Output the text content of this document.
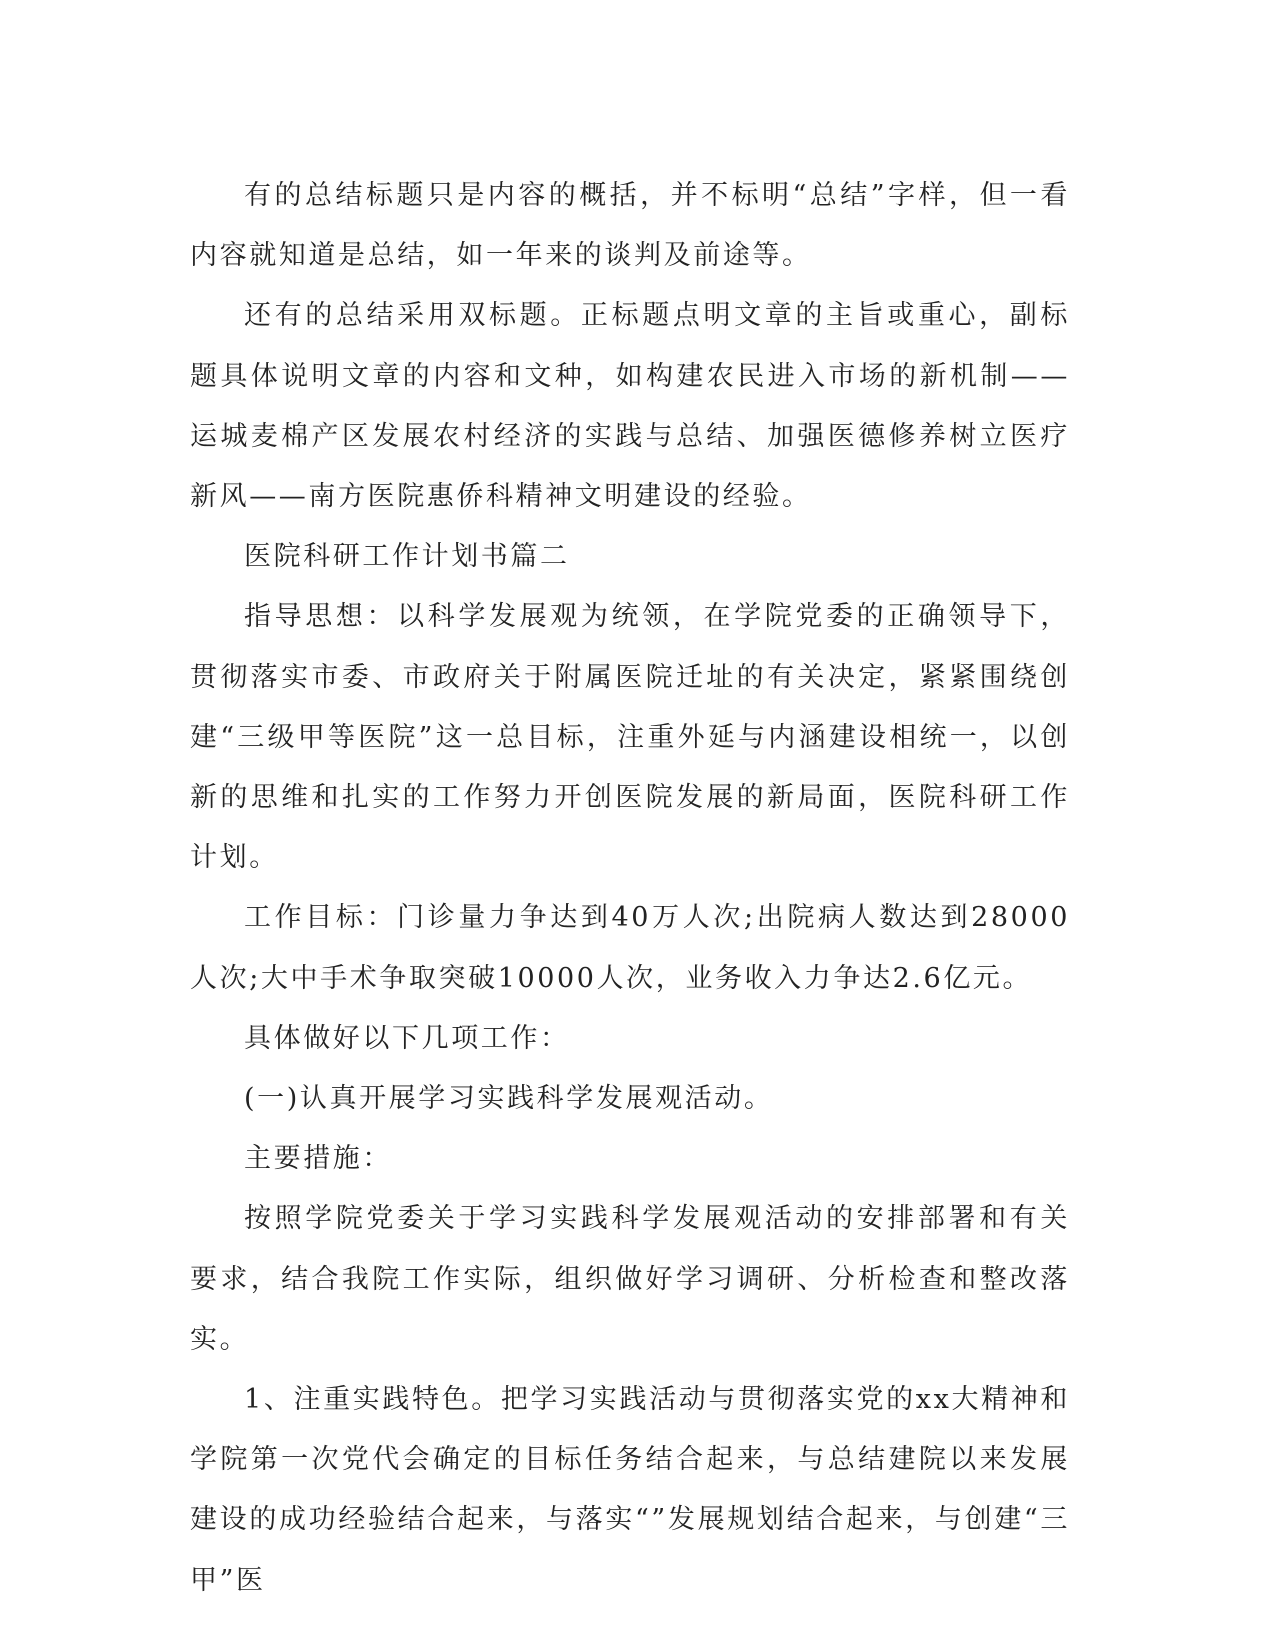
有的总结标题只是内容的概括，并不标明“总结”字样，但一看内容就知道是总结，如一年来的谈判及前途等。

还有的总结采用双标题。正标题点明文章的主旨或重心，副标题具体说明文章的内容和文种，如构建农民进入市场的新机制——运城麦棉产区发展农村经济的实践与总结、加强医德修养树立医疗新风——南方医院惠侨科精神文明建设的经验。

医院科研工作计划书篇二

指导思想：以科学发展观为统领，在学院党委的正确领导下，贯彻落实市委、市政府关于附属医院迁址的有关决定，紧紧围绕创建“三级甲等医院”这一总目标，注重外延与内涵建设相统一，以创新的思维和扎实的工作努力开创医院发展的新局面，医院科研工作计划。

工作目标：门诊量力争达到40万人次;出院病人数达到28000人次;大中手术争取突破10000人次，业务收入力争达2.6亿元。

具体做好以下几项工作：

(一)认真开展学习实践科学发展观活动。

主要措施：

按照学院党委关于学习实践科学发展观活动的安排部署和有关要求，结合我院工作实际，组织做好学习调研、分析检查和整改落实。

1、注重实践特色。把学习实践活动与贯彻落实党的xx大精神和学院第一次党代会确定的目标任务结合起来，与总结建院以来发展建设的成功经验结合起来，与落实“”发展规划结合起来，与创建“三甲”医
